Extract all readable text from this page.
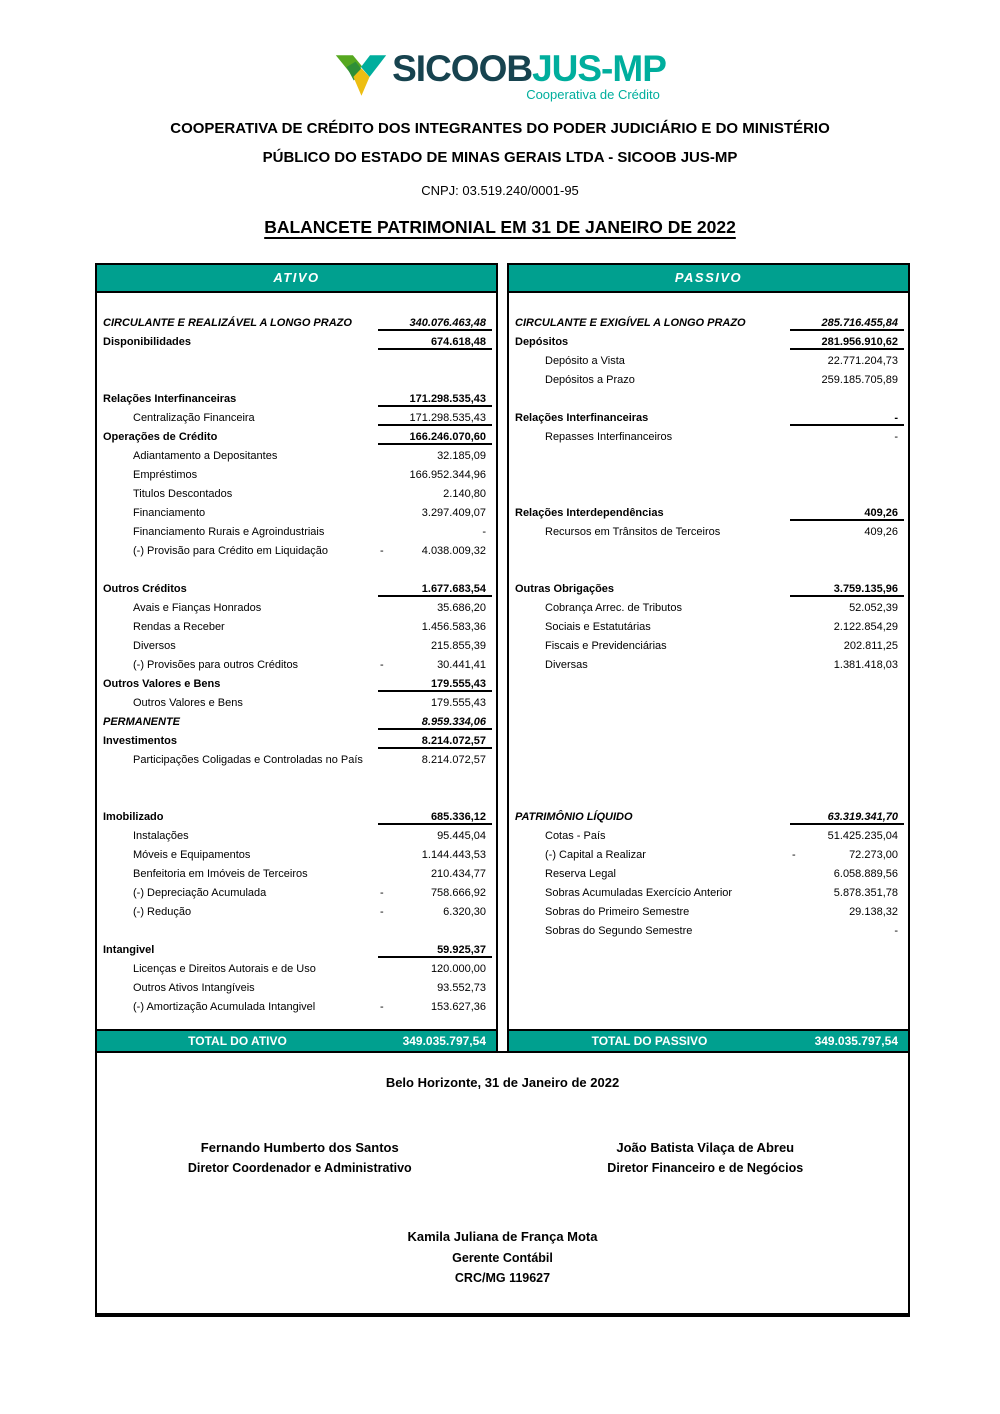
SICOOBJUS-MP
Cooperativa de Crédito
COOPERATIVA DE CRÉDITO DOS INTEGRANTES DO PODER JUDICIÁRIO E DO MINISTÉRIO
PÚBLICO DO ESTADO DE MINAS GERAIS LTDA - SICOOB JUS-MP
CNPJ: 03.519.240/0001-95
BALANCETE PATRIMONIAL EM 31 DE JANEIRO DE 2022
ATIVO
CIRCULANTE E REALIZÁVEL A LONGO PRAZO	340.076.463,48
Disponibilidades	674.618,48
Relações Interfinanceiras	171.298.535,43
Centralização Financeira	171.298.535,43
Operações de Crédito	166.246.070,60
Adiantamento a Depositantes	32.185,09
Empréstimos	166.952.344,96
Titulos Descontados	2.140,80
Financiamento	3.297.409,07
Financiamento Rurais e Agroindustriais	-
(-) Provisão para Crédito em Liquidação	-	4.038.009,32
Outros Créditos	1.677.683,54
Avais e Fianças Honrados	35.686,20
Rendas a Receber	1.456.583,36
Diversos	215.855,39
(-) Provisões para outros Créditos	-	30.441,41
Outros Valores e Bens	179.555,43
Outros Valores e Bens	179.555,43
PERMANENTE	8.959.334,06
Investimentos	8.214.072,57
Participações Coligadas e Controladas no País	8.214.072,57
Imobilizado	685.336,12
Instalações	95.445,04
Móveis e Equipamentos	1.144.443,53
Benfeitoria em Imóveis de Terceiros	210.434,77
(-) Depreciação Acumulada	-	758.666,92
(-) Redução	-	6.320,30
Intangivel	59.925,37
Licenças e Direitos Autorais e de Uso	120.000,00
Outros Ativos Intangíveis	93.552,73
(-) Amortização Acumulada Intangivel	-	153.627,36
TOTAL DO ATIVO	349.035.797,54
PASSIVO
CIRCULANTE E EXIGÍVEL A LONGO PRAZO	285.716.455,84
Depósitos	281.956.910,62
Depósito a Vista	22.771.204,73
Depósitos a Prazo	259.185.705,89
Relações Interfinanceiras	-
Repasses Interfinanceiros	-
Relações Interdependências	409,26
Recursos em Trânsitos de Terceiros	409,26
Outras Obrigações	3.759.135,96
Cobrança Arrec. de Tributos	52.052,39
Sociais e Estatutárias	2.122.854,29
Fiscais e Previdenciárias	202.811,25
Diversas	1.381.418,03
PATRIMÔNIO LÍQUIDO	63.319.341,70
Cotas - País	51.425.235,04
(-) Capital a Realizar	-	72.273,00
Reserva Legal	6.058.889,56
Sobras Acumuladas Exercício Anterior	5.878.351,78
Sobras do Primeiro Semestre	29.138,32
Sobras do Segundo Semestre	-
TOTAL DO PASSIVO	349.035.797,54
Belo Horizonte, 31 de Janeiro de 2022
Fernando Humberto dos Santos
Diretor Coordenador e Administrativo
João Batista Vilaça de Abreu
Diretor Financeiro e de Negócios
Kamila Juliana de França Mota
Gerente Contábil
CRC/MG 119627
